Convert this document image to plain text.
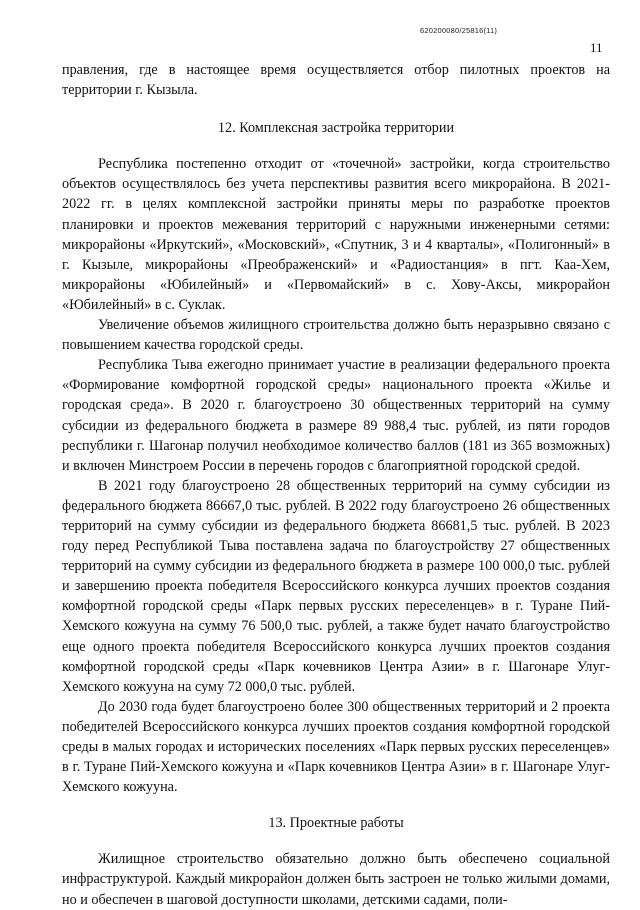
620200080/25816(11)
11

правления, где в настоящее время осуществляется отбор пилотных проектов на территории г. Кызыла.

12. Комплексная застройка территории

Республика постепенно отходит от «точечной» застройки, когда строительство объектов осуществлялось без учета перспективы развития всего микрорайона. В 2021-2022 гг. в целях комплексной застройки приняты меры по разработке проектов планировки и проектов межевания территорий с наружными инженерными сетями: микрорайоны «Иркутский», «Московский», «Спутник, 3 и 4 кварталы», «Полигонный» в г. Кызыле, микрорайоны «Преображенский» и «Радиостанция» в пгт. Каа-Хем, микрорайоны «Юбилейный» и «Первомайский» в с. Хову-Аксы, микрорайон «Юбилейный» в с. Суклак.

Увеличение объемов жилищного строительства должно быть неразрывно связано с повышением качества городской среды.

Республика Тыва ежегодно принимает участие в реализации федерального проекта «Формирование комфортной городской среды» национального проекта «Жилье и городская среда». В 2020 г. благоустроено 30 общественных территорий на сумму субсидии из федерального бюджета в размере 89 988,4 тыс. рублей, из пяти городов республики г. Шагонар получил необходимое количество баллов (181 из 365 возможных) и включен Минстроем России в перечень городов с благоприятной городской средой.

В 2021 году благоустроено 28 общественных территорий на сумму субсидии из федерального бюджета 86667,0 тыс. рублей. В 2022 году благоустроено 26 общественных территорий на сумму субсидии из федерального бюджета 86681,5 тыс. рублей. В 2023 году перед Республикой Тыва поставлена задача по благоустройству 27 общественных территорий на сумму субсидии из федерального бюджета в размере 100 000,0 тыс. рублей и завершению проекта победителя Всероссийского конкурса лучших проектов создания комфортной городской среды «Парк первых русских переселенцев» в г. Туране Пий-Хемского кожууна на сумму 76 500,0 тыс. рублей, а также будет начато благоустройство еще одного проекта победителя Всероссийского конкурса лучших проектов создания комфортной городской среды «Парк кочевников Центра Азии» в г. Шагонаре Улуг-Хемского кожууна на суму 72 000,0 тыс. рублей.

До 2030 года будет благоустроено более 300 общественных территорий и 2 проекта победителей Всероссийского конкурса лучших проектов создания комфортной городской среды в малых городах и исторических поселениях «Парк первых русских переселенцев» в г. Туране Пий-Хемского кожууна и «Парк кочевников Центра Азии» в г. Шагонаре Улуг-Хемского кожууна.

13. Проектные работы

Жилищное строительство обязательно должно быть обеспечено социальной инфраструктурой. Каждый микрорайон должен быть застроен не только жилыми домами, но и обеспечен в шаговой доступности школами, детскими садами, поли-
